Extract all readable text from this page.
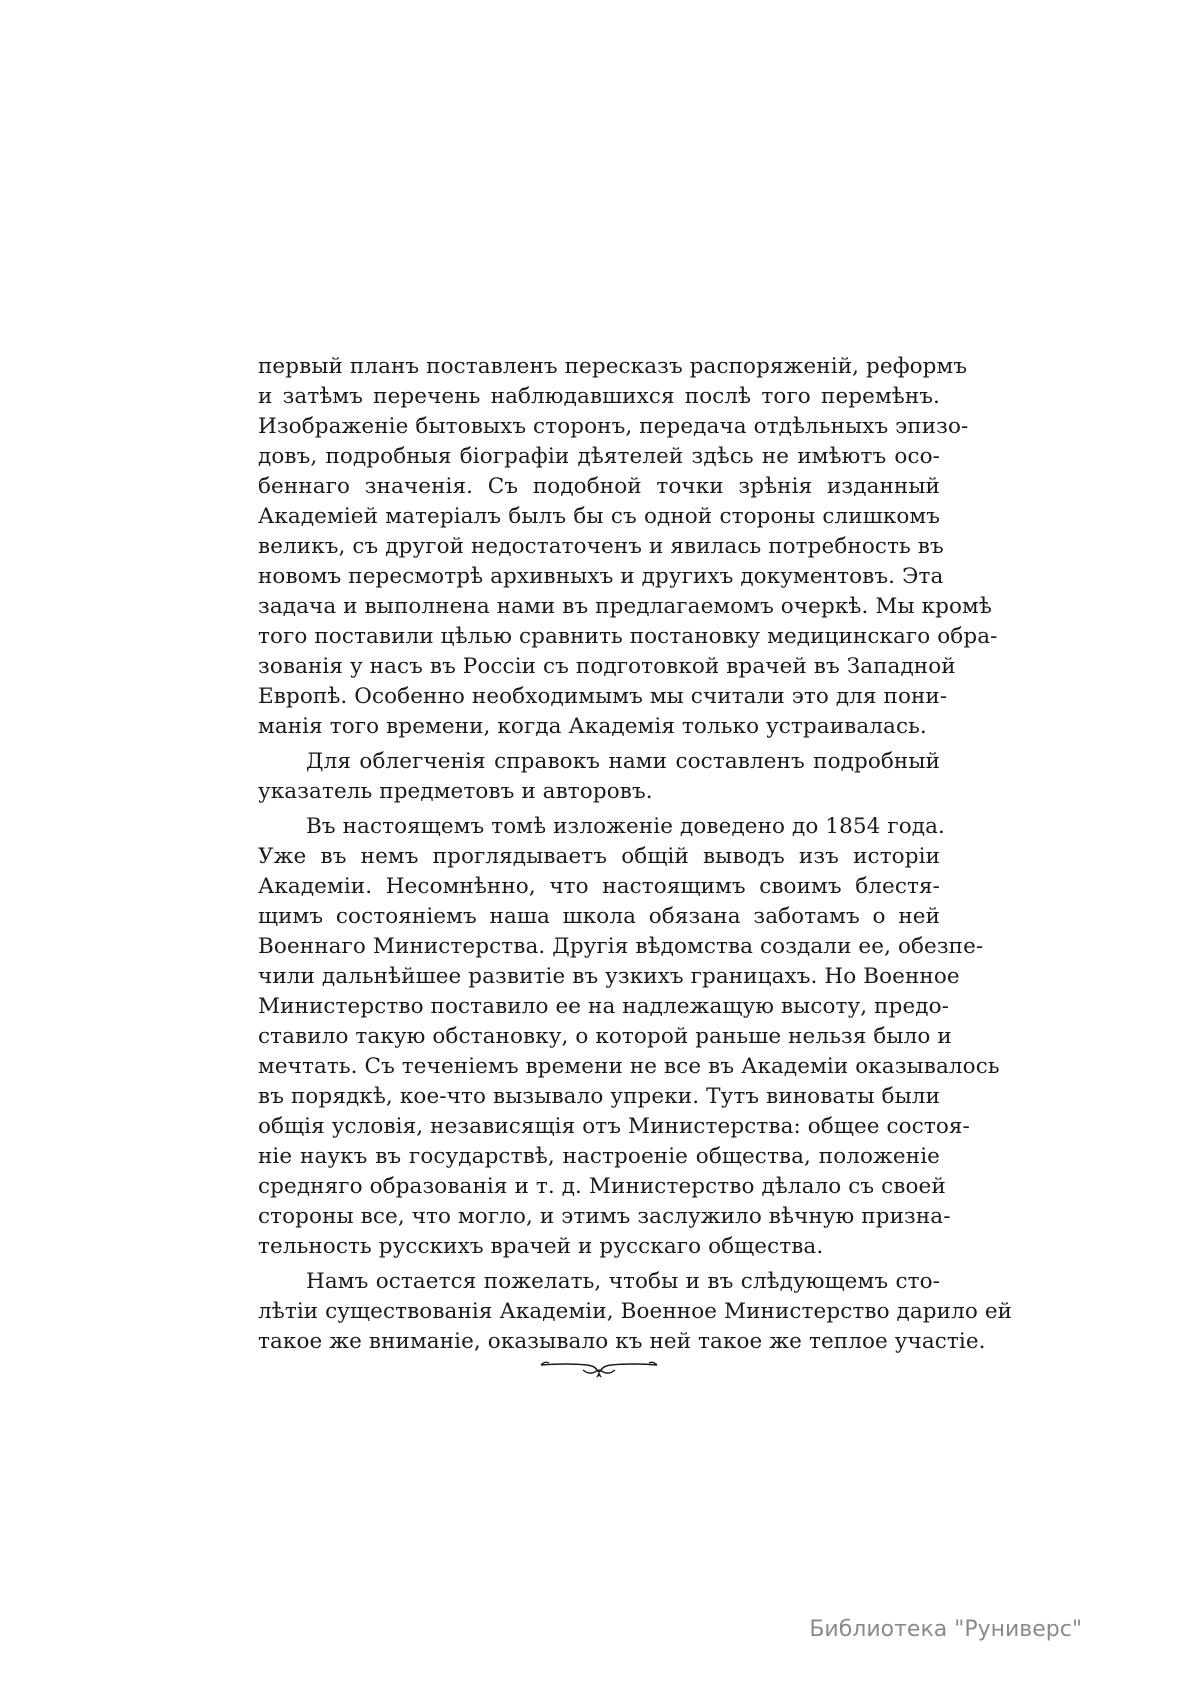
первый планъ поставленъ пересказъ распоряженій, реформъ
и затѣмъ перечень наблюдавшихся послѣ того перемѣнъ.
Изображеніе бытовыхъ сторонъ, передача отдѣльныхъ эпизо-
довъ, подробныя біографіи дѣятелей здѣсь не имѣютъ осо-
беннаго значенія. Съ подобной точки зрѣнія изданный
Академіей матеріалъ былъ бы съ одной стороны слишкомъ
великъ, съ другой недостаточенъ и явилась потребность въ
новомъ пересмотрѣ архивныхъ и другихъ документовъ. Эта
задача и выполнена нами въ предлагаемомъ очеркѣ. Мы кромѣ
того поставили цѣлью сравнить постановку медицинскаго обра-
зованія у насъ въ Россіи съ подготовкой врачей въ Западной
Европѣ. Особенно необходимымъ мы считали это для пони-
манія того времени, когда Академія только устраивалась.
Для облегченія справокъ нами составленъ подробный
указатель предметовъ и авторовъ.
Въ настоящемъ томѣ изложеніе доведено до 1854 года.
Уже въ немъ проглядываетъ общій выводъ изъ исторіи
Академіи. Несомнѣнно, что настоящимъ своимъ блестя-
щимъ состояніемъ наша школа обязана заботамъ о ней
Военнаго Министерства. Другія вѣдомства создали ее, обезпе-
чили дальнѣйшее развитіе въ узкихъ границахъ. Но Военное
Министерство поставило ее на надлежащую высоту, предо-
ставило такую обстановку, о которой раньше нельзя было и
мечтать. Съ теченіемъ времени не все въ Академіи оказывалось
въ порядкѣ, кое-что вызывало упреки. Тутъ виноваты были
общія условія, независящія отъ Министерства: общее состоя-
ніе наукъ въ государствѣ, настроеніе общества, положеніе
средняго образованія и т. д. Министерство дѣлало съ своей
стороны все, что могло, и этимъ заслужило вѣчную призна-
тельность русскихъ врачей и русскаго общества.
Намъ остается пожелать, чтобы и въ слѣдующемъ сто-
лѣтіи существованія Академіи, Военное Министерство дарило ей
такое же вниманіе, оказывало къ ней такое же теплое участіе.
Библиотека "Руниверс"
